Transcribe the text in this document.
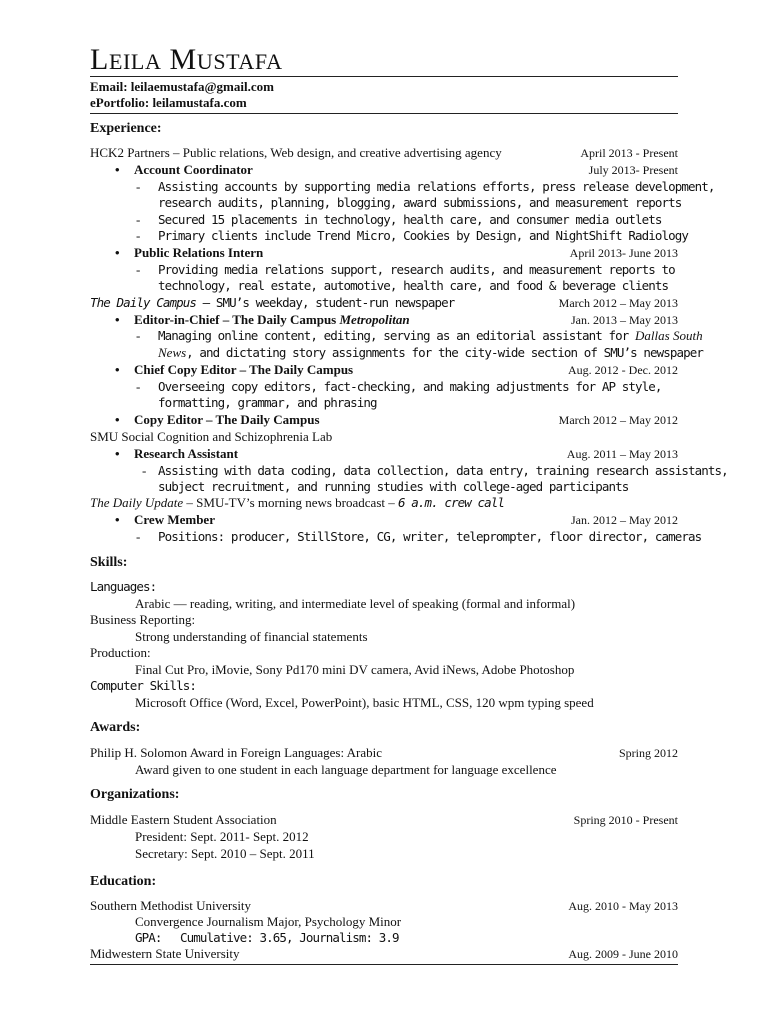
LEILA MUSTAFA
Email: leilaemustafa@gmail.com
ePortfolio: leilamustafa.com
Experience:
HCK2 Partners – Public relations, Web design, and creative advertising agency	April 2013 - Present
• Account Coordinator	July 2013- Present
- Assisting accounts by supporting media relations efforts, press release development,
research audits, planning, blogging, award submissions, and measurement reports
- Secured 15 placements in technology, health care, and consumer media outlets
- Primary clients include Trend Micro, Cookies by Design, and NightShift Radiology
• Public Relations Intern	April 2013- June 2013
- Providing media relations support, research audits, and measurement reports to
technology, real estate, automotive, health care, and food & beverage clients
The Daily Campus – SMU’s weekday, student-run newspaper	March 2012 – May 2013
• Editor-in-Chief – The Daily Campus Metropolitan	Jan. 2013 – May 2013
- Managing online content, editing, serving as an editorial assistant for Dallas South
News, and dictating story assignments for the city-wide section of SMU’s newspaper
• Chief Copy Editor – The Daily Campus	Aug. 2012 - Dec. 2012
- Overseeing copy editors, fact-checking, and making adjustments for AP style,
formatting, grammar, and phrasing
• Copy Editor – The Daily Campus	March 2012 – May 2012
SMU Social Cognition and Schizophrenia Lab
• Research Assistant	Aug. 2011 – May 2013
- Assisting with data coding, data collection, data entry, training research assistants,
subject recruitment, and running studies with college-aged participants
The Daily Update – SMU-TV’s morning news broadcast – 6 a.m. crew call
• Crew Member	Jan. 2012 – May 2012
- Positions: producer, StillStore, CG, writer, teleprompter, floor director, cameras
Skills:
Languages:
Arabic — reading, writing, and intermediate level of speaking (formal and informal)
Business Reporting:
Strong understanding of financial statements
Production:
Final Cut Pro, iMovie, Sony Pd170 mini DV camera, Avid iNews, Adobe Photoshop
Computer Skills:
Microsoft Office (Word, Excel, PowerPoint), basic HTML, CSS, 120 wpm typing speed
Awards:
Philip H. Solomon Award in Foreign Languages: Arabic	Spring 2012
Award given to one student in each language department for language excellence
Organizations:
Middle Eastern Student Association	Spring 2010 - Present
President: Sept. 2011- Sept. 2012
Secretary: Sept. 2010 – Sept. 2011
Education:
Southern Methodist University	Aug. 2010 - May 2013
Convergence Journalism Major, Psychology Minor
GPA: Cumulative: 3.65, Journalism: 3.9
Midwestern State University	Aug. 2009 - June 2010
